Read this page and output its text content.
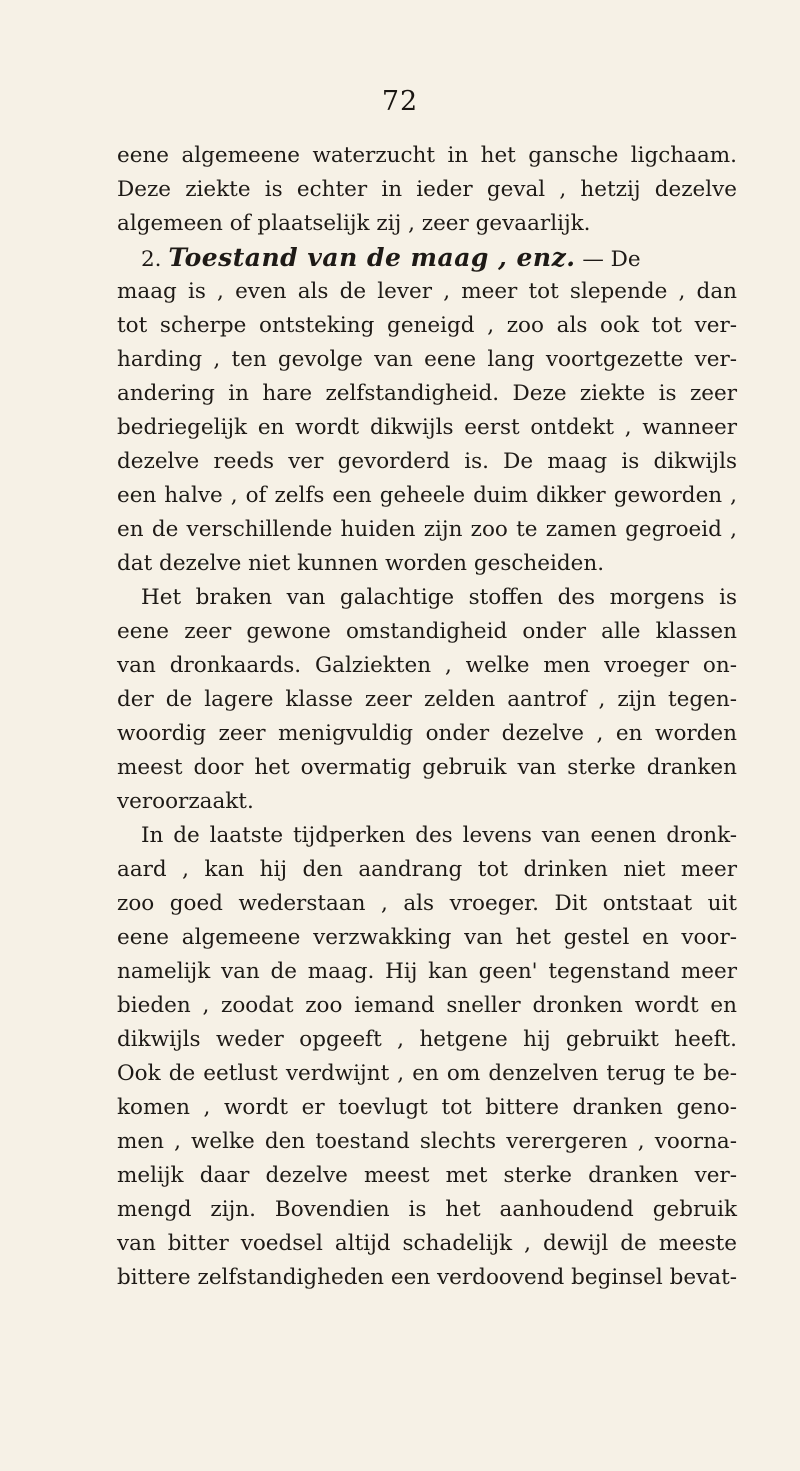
72
eene algemeene waterzucht in het gansche ligchaam.
Deze ziekte is echter in ieder geval , hetzij dezelve
algemeen of plaatselijk zij , zeer gevaarlijk.
2. Toestand van de maag , enz. — De
maag is , even als de lever , meer tot slepende , dan
tot scherpe ontsteking geneigd , zoo als ook tot ver-
harding , ten gevolge van eene lang voortgezette ver-
andering in hare zelfstandigheid. Deze ziekte is zeer
bedriegelijk en wordt dikwijls eerst ontdekt , wanneer
dezelve reeds ver gevorderd is. De maag is dikwijls
een halve , of zelfs een geheele duim dikker geworden ,
en de verschillende huiden zijn zoo te zamen gegroeid ,
dat dezelve niet kunnen worden gescheiden.
Het braken van galachtige stoffen des morgens is
eene zeer gewone omstandigheid onder alle klassen
van dronkaards. Galziekten , welke men vroeger on-
der de lagere klasse zeer zelden aantrof , zijn tegen-
woordig zeer menigvuldig onder dezelve , en worden
meest door het overmatig gebruik van sterke dranken
veroorzaakt.
In de laatste tijdperken des levens van eenen dronk-
aard , kan hij den aandrang tot drinken niet meer
zoo goed wederstaan , als vroeger. Dit ontstaat uit
eene algemeene verzwakking van het gestel en voor-
namelijk van de maag. Hij kan geen' tegenstand meer
bieden , zoodat zoo iemand sneller dronken wordt en
dikwijls weder opgeeft , hetgene hij gebruikt heeft.
Ook de eetlust verdwijnt , en om denzelven terug te be-
komen , wordt er toevlugt tot bittere dranken geno-
men , welke den toestand slechts verergeren , voorna-
melijk daar dezelve meest met sterke dranken ver-
mengd zijn. Bovendien is het aanhoudend gebruik
van bitter voedsel altijd schadelijk , dewijl de meeste
bittere zelfstandigheden een verdoovend beginsel bevat-
